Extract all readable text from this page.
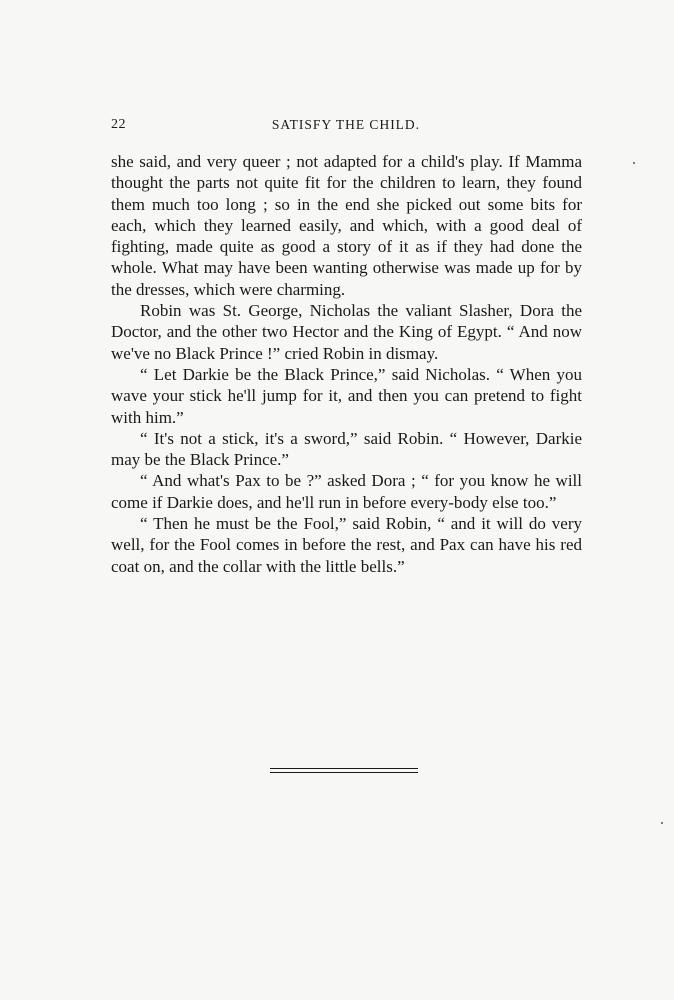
22	SATISFY THE CHILD.

she said, and very queer ; not adapted for a child's play. If Mamma thought the parts not quite fit for the children to learn, they found them much too long ; so in the end she picked out some bits for each, which they learned easily, and which, with a good deal of fighting, made quite as good a story of it as if they had done the whole. What may have been wanting otherwise was made up for by the dresses, which were charming.

Robin was St. George, Nicholas the valiant Slasher, Dora the Doctor, and the other two Hector and the King of Egypt. “ And now we've no Black Prince !” cried Robin in dismay.

“ Let Darkie be the Black Prince,” said Nicholas. “ When you wave your stick he'll jump for it, and then you can pretend to fight with him.”

“ It's not a stick, it's a sword,” said Robin. “ However, Darkie may be the Black Prince.”

“ And what's Pax to be ?” asked Dora ; “ for you know he will come if Darkie does, and he'll run in before every-body else too.”

“ Then he must be the Fool,” said Robin, “ and it will do very well, for the Fool comes in before the rest, and Pax can have his red coat on, and the collar with the little bells.”
